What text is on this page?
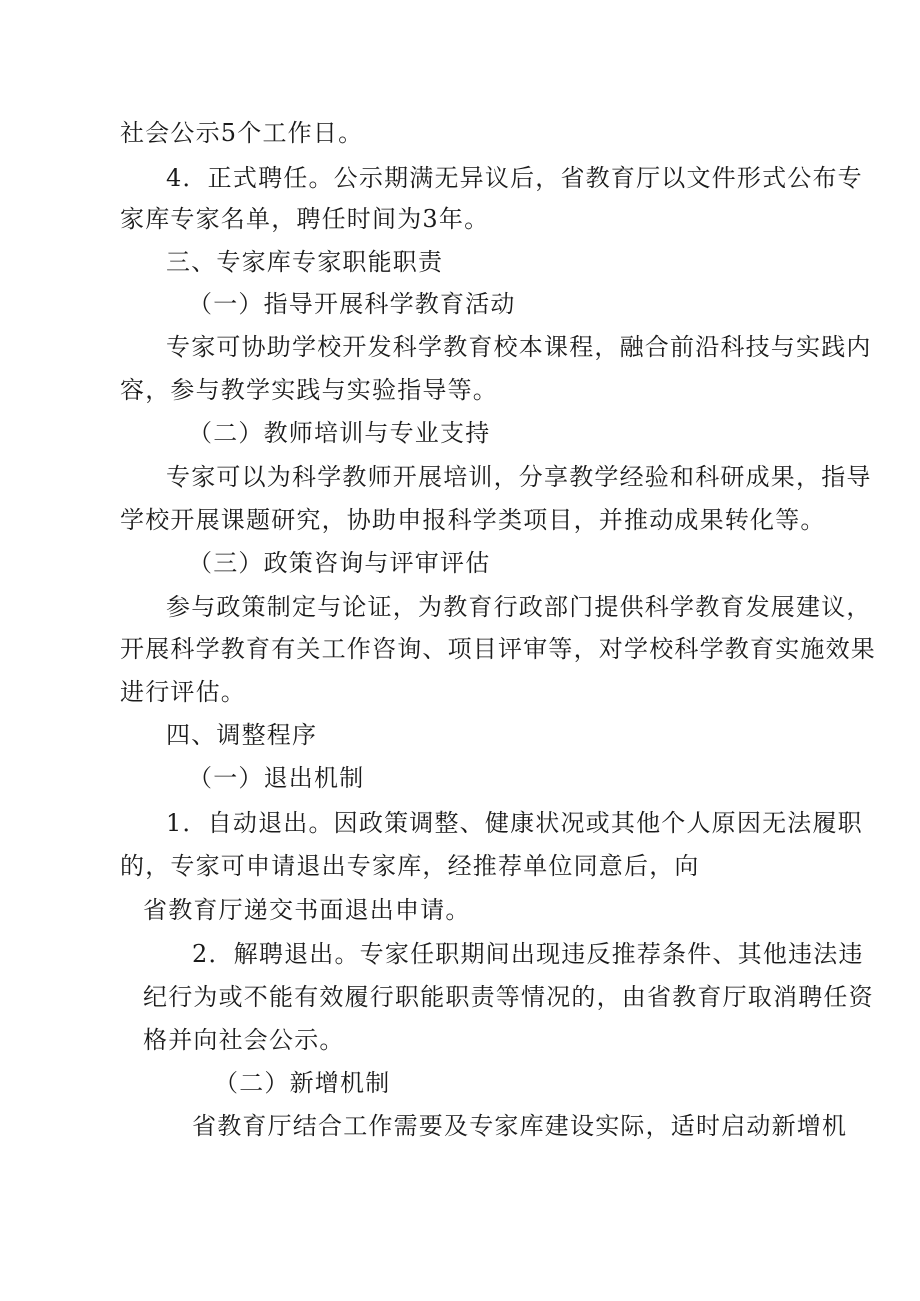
社会公示5个工作日。
4．正式聘任。公示期满无异议后，省教育厅以文件形式公布专
家库专家名单，聘任时间为3年。
三、专家库专家职能职责
（一）指导开展科学教育活动
专家可协助学校开发科学教育校本课程，融合前沿科技与实践内
容，参与教学实践与实验指导等。
（二）教师培训与专业支持
专家可以为科学教师开展培训，分享教学经验和科研成果，指导
学校开展课题研究，协助申报科学类项目，并推动成果转化等。
（三）政策咨询与评审评估
参与政策制定与论证，为教育行政部门提供科学教育发展建议，
开展科学教育有关工作咨询、项目评审等，对学校科学教育实施效果
进行评估。
四、调整程序
（一）退出机制
1．自动退出。因政策调整、健康状况或其他个人原因无法履职
的，专家可申请退出专家库，经推荐单位同意后，向
省教育厅递交书面退出申请。
2．解聘退出。专家任职期间出现违反推荐条件、其他违法违
纪行为或不能有效履行职能职责等情况的，由省教育厅取消聘任资
格并向社会公示。
（二）新增机制
省教育厅结合工作需要及专家库建设实际，适时启动新增机
